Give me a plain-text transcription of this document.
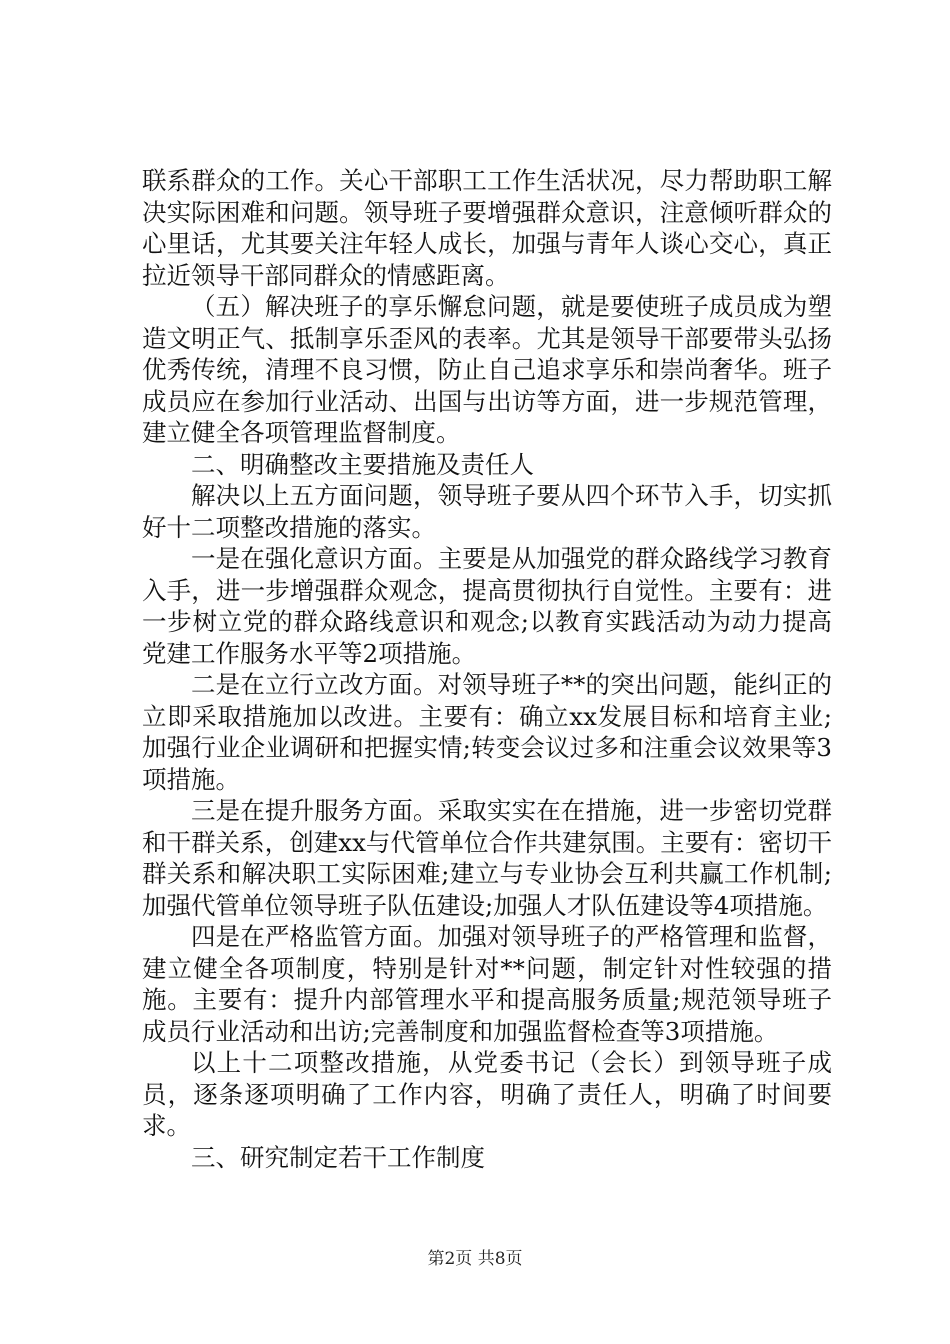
联系群众的工作。关心干部职工工作生活状况，尽力帮助职工解决实际困难和问题。领导班子要增强群众意识，注意倾听群众的心里话，尤其要关注年轻人成长，加强与青年人谈心交心，真正拉近领导干部同群众的情感距离。

（五）解决班子的享乐懈怠问题，就是要使班子成员成为塑造文明正气、抵制享乐歪风的表率。尤其是领导干部要带头弘扬优秀传统，清理不良习惯，防止自己追求享乐和崇尚奢华。班子成员应在参加行业活动、出国与出访等方面，进一步规范管理，建立健全各项管理监督制度。

二、明确整改主要措施及责任人

解决以上五方面问题，领导班子要从四个环节入手，切实抓好十二项整改措施的落实。

一是在强化意识方面。主要是从加强党的群众路线学习教育入手，进一步增强群众观念，提高贯彻执行自觉性。主要有：进一步树立党的群众路线意识和观念;以教育实践活动为动力提高党建工作服务水平等2项措施。

二是在立行立改方面。对领导班子**的突出问题，能纠正的立即采取措施加以改进。主要有：确立xx发展目标和培育主业;加强行业企业调研和把握实情;转变会议过多和注重会议效果等3项措施。

三是在提升服务方面。采取实实在在措施，进一步密切党群和干群关系，创建xx与代管单位合作共建氛围。主要有：密切干群关系和解决职工实际困难;建立与专业协会互利共赢工作机制;加强代管单位领导班子队伍建设;加强人才队伍建设等4项措施。

四是在严格监管方面。加强对领导班子的严格管理和监督，建立健全各项制度，特别是针对**问题，制定针对性较强的措施。主要有：提升内部管理水平和提高服务质量;规范领导班子成员行业活动和出访;完善制度和加强监督检查等3项措施。

以上十二项整改措施，从党委书记（会长）到领导班子成员，逐条逐项明确了工作内容，明确了责任人，明确了时间要求。

三、研究制定若干工作制度

第2页 共8页
